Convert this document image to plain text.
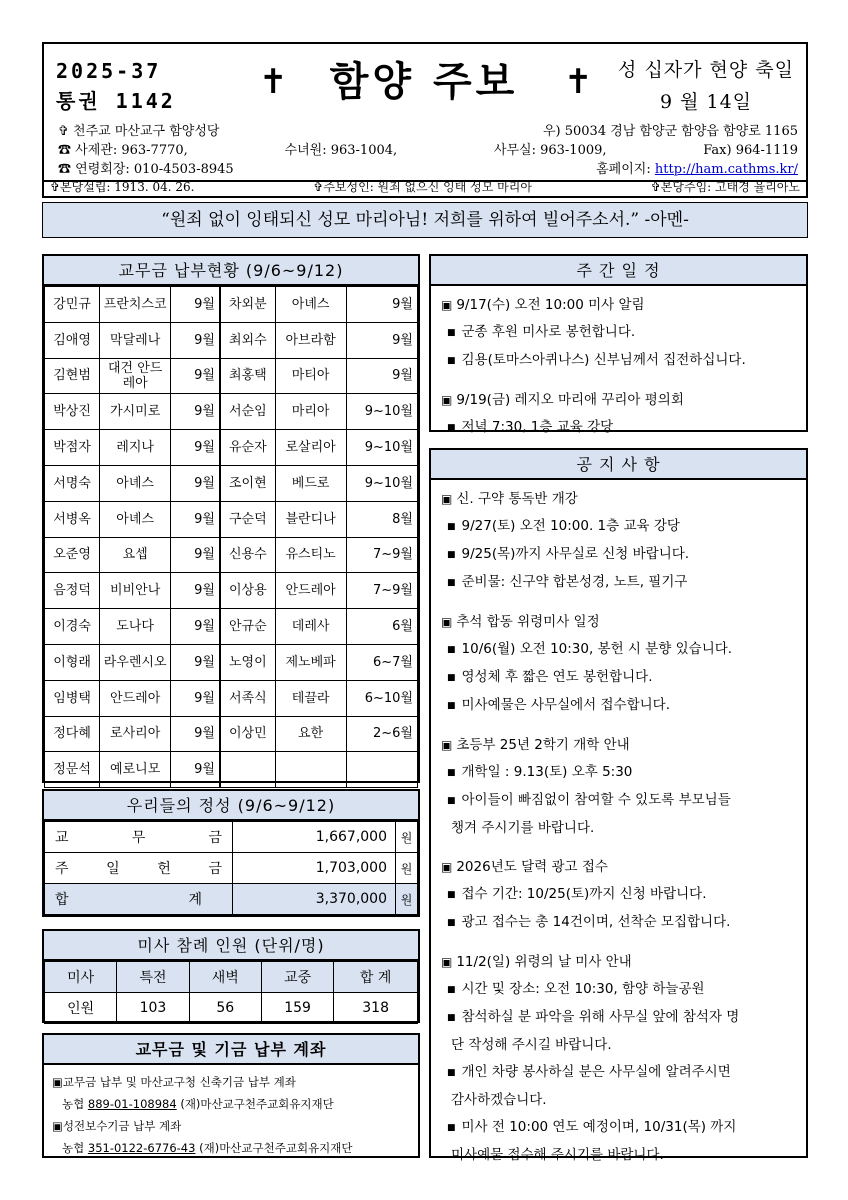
2025-37
통권 1142 ✝	함양 주보	✝ 성 십자가 현양 축일
9 월 14일
✞ 천주교 마산교구 함양성당	우) 50034 경남 함양군 함양읍 함양로 1165
☎ 사제관: 963-7770,	수녀원: 963-1004,	사무실: 963-1009,	Fax) 964-1119
☎ 연령회장: 010-4503-8945	홈페이지: http://ham.cathms.kr/
✞본당설립: 1913. 04. 26.	✞주보성인: 원죄 없으신 잉태 성모 마리아	✞본당주임: 고태경 율리아노
“원죄 없이 잉태되신 성모 마리아님! 저희를 위하여 빌어주소서.” -아멘-
교무금 납부현황 (9/6~9/12)
강민규	프란치스코	9월	차외분	아녜스	9월
김애영	막달레나	9월	최외수	아브라함	9월
김현범	대건 안드레아	9월	최홍택	마티아	9월
박상진	가시미로	9월	서순임	마리아	9~10월
박점자	레지나	9월	유순자	로살리아	9~10월
서명숙	아녜스	9월	조이현	베드로	9~10월
서병옥	아녜스	9월	구순덕	블란디나	8월
오준영	요셉	9월	신용수	유스티노	7~9월
음정덕	비비안나	9월	이상용	안드레아	7~9월
이경숙	도나다	9월	안규순	데레사	6월
이형래	라우렌시오	9월	노영이	제노베파	6~7월
임병택	안드레아	9월	서족식	테끌라	6~10월
정다혜	로사리아	9월	이상민	요한	2~6월
정문석	예로니모	9월			
우리들의 정성 (9/6~9/12)
교 무 금	1,667,000	원

주 일 헌 금	1,703,000	원

합 계	3,370,000	원
미사 참례 인원 (단위/명)
미사	특전	새벽	교중	합 계
인원	103	56	159	318
교무금 및 기금 납부 계좌
▣교무금 납부 및 마산교구청 신축기금 납부 계좌
농협 889-01-108984 (재)마산교구천주교회유지재단
▣성전보수기금 납부 계좌
농협 351-0122-6776-43 (재)마산교구천주교회유지재단
주 간 일 정
▣ 9/17(수) 오전 10:00 미사 알림
■ 군종 후원 미사로 봉헌합니다.
■ 김용(토마스아퀴나스) 신부님께서 집전하십니다.
▣ 9/19(금) 레지오 마리애 꾸리아 평의회
■ 저녁 7:30, 1층 교육 강당
공 지 사 항
▣ 신. 구약 통독반 개강
■ 9/27(토) 오전 10:00. 1층 교육 강당
■ 9/25(목)까지 사무실로 신청 바랍니다.
■ 준비물: 신구약 합본성경, 노트, 필기구
▣ 추석 합동 위령미사 일정
■ 10/6(월) 오전 10:30, 봉헌 시 분향 있습니다.
■ 영성체 후 짧은 연도 봉헌합니다.
■ 미사예물은 사무실에서 접수합니다.
▣ 초등부 25년 2학기 개학 안내
■ 개학일 : 9.13(토) 오후 5:30
■ 아이들이 빠짐없이 참여할 수 있도록 부모님들
챙겨 주시기를 바랍니다.
▣ 2026년도 달력 광고 접수
■ 접수 기간: 10/25(토)까지 신청 바랍니다.
■ 광고 접수는 총 14건이며, 선착순 모집합니다.
▣ 11/2(일) 위령의 날 미사 안내
■ 시간 및 장소: 오전 10:30, 함양 하늘공원
■ 참석하실 분 파악을 위해 사무실 앞에 참석자 명
단 작성해 주시길 바랍니다.
■ 개인 차량 봉사하실 분은 사무실에 알려주시면
감사하겠습니다.
■ 미사 전 10:00 연도 예정이며, 10/31(목) 까지
미사예물 접수해 주시기를 바랍니다.
